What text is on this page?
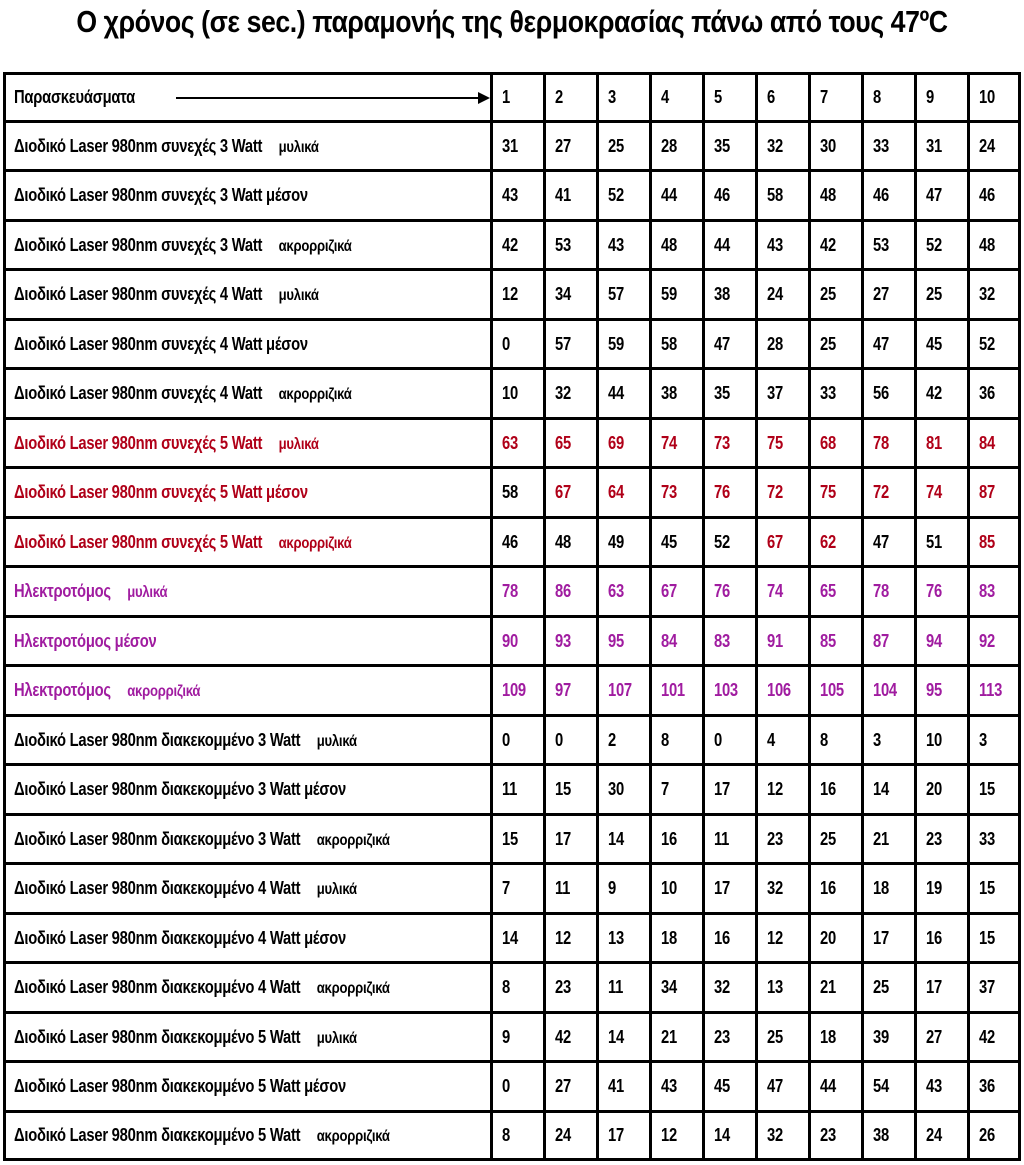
Ο χρόνος (σε sec.) παραμονής της θερμοκρασίας πάνω από τους 47ºC
Παρασκευάσματα	1	2	3	4	5	6	7	8	9	10
Διοδικό Laser 980nm συνεχές 3 Watt μυλικά	31	27	25	28	35	32	30	33	31	24
Διοδικό Laser 980nm συνεχές 3 Watt μέσον	43	41	52	44	46	58	48	46	47	46
Διοδικό Laser 980nm συνεχές 3 Watt ακρορριζικά	42	53	43	48	44	43	42	53	52	48
Διοδικό Laser 980nm συνεχές 4 Watt μυλικά	12	34	57	59	38	24	25	27	25	32
Διοδικό Laser 980nm συνεχές 4 Watt μέσον	0	57	59	58	47	28	25	47	45	52
Διοδικό Laser 980nm συνεχές 4 Watt ακρορριζικά	10	32	44	38	35	37	33	56	42	36
Διοδικό Laser 980nm συνεχές 5 Watt μυλικά	63	65	69	74	73	75	68	78	81	84
Διοδικό Laser 980nm συνεχές 5 Watt μέσον	58	67	64	73	76	72	75	72	74	87
Διοδικό Laser 980nm συνεχές 5 Watt ακρορριζικά	46	48	49	45	52	67	62	47	51	85
Ηλεκτροτόμος μυλικά	78	86	63	67	76	74	65	78	76	83
Ηλεκτροτόμος μέσον	90	93	95	84	83	91	85	87	94	92
Ηλεκτροτόμος ακρορριζικά	109	97	107	101	103	106	105	104	95	113
Διοδικό Laser 980nm διακεκομμένο 3 Watt μυλικά	0	0	2	8	0	4	8	3	10	3
Διοδικό Laser 980nm διακεκομμένο 3 Watt μέσον	11	15	30	7	17	12	16	14	20	15
Διοδικό Laser 980nm διακεκομμένο 3 Watt ακρορριζικά	15	17	14	16	11	23	25	21	23	33
Διοδικό Laser 980nm διακεκομμένο 4 Watt μυλικά	7	11	9	10	17	32	16	18	19	15
Διοδικό Laser 980nm διακεκομμένο 4 Watt μέσον	14	12	13	18	16	12	20	17	16	15
Διοδικό Laser 980nm διακεκομμένο 4 Watt ακρορριζικά	8	23	11	34	32	13	21	25	17	37
Διοδικό Laser 980nm διακεκομμένο 5 Watt μυλικά	9	42	14	21	23	25	18	39	27	42
Διοδικό Laser 980nm διακεκομμένο 5 Watt μέσον	0	27	41	43	45	47	44	54	43	36
Διοδικό Laser 980nm διακεκομμένο 5 Watt ακρορριζικά	8	24	17	12	14	32	23	38	24	26
